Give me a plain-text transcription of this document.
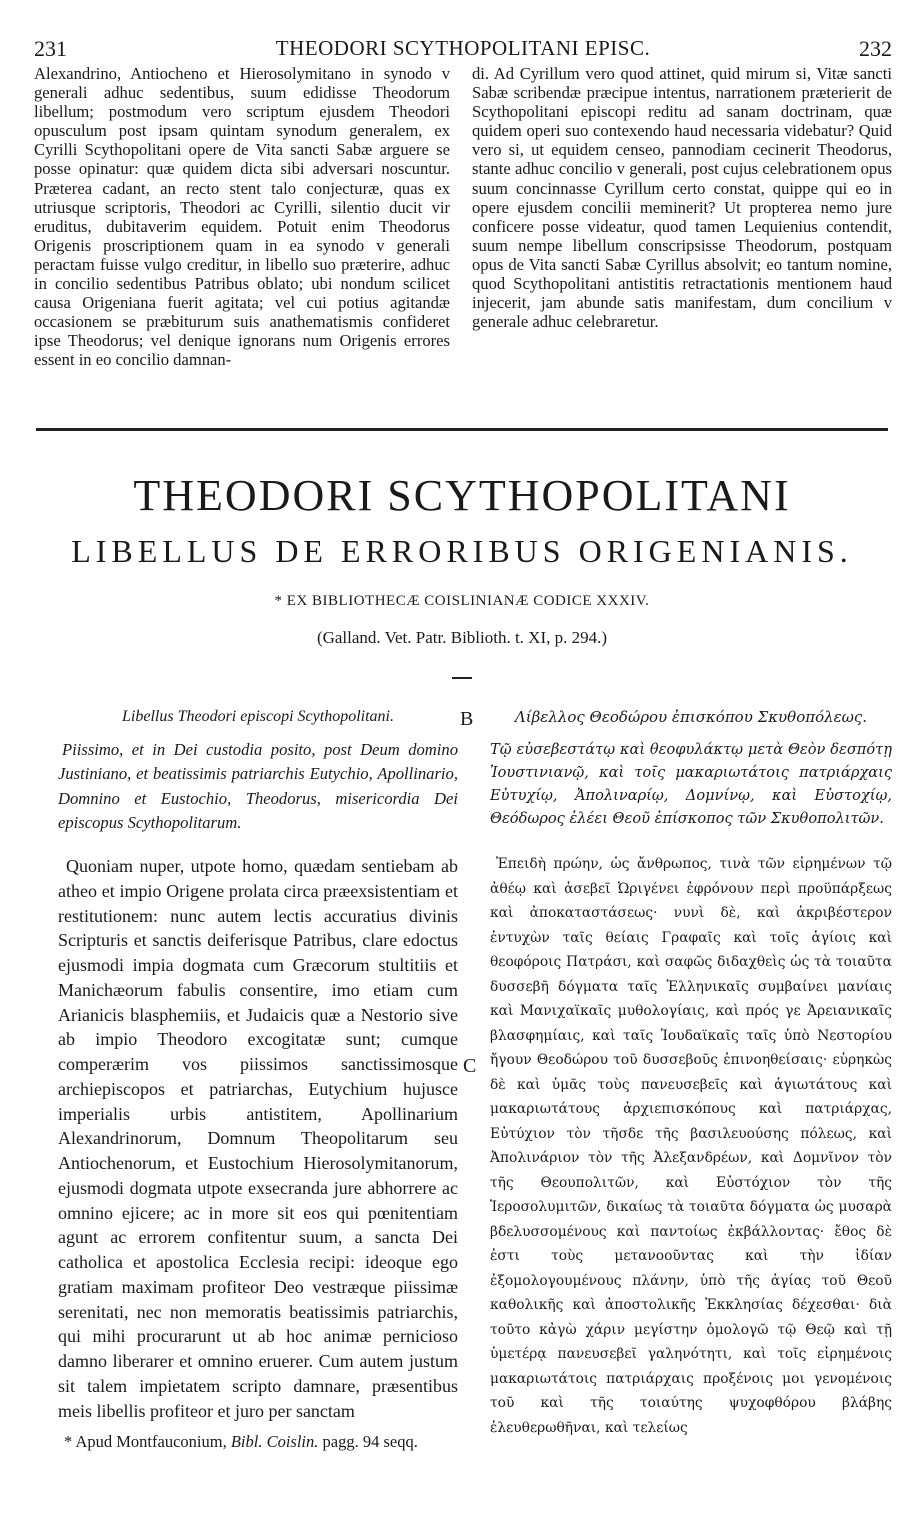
231	THEODORI SCYTHOPOLITANI EPISC.	232
Alexandrino, Antiocheno et Hierosolymitano in synodo v generali adhuc sedentibus, suum edidisse Theodorum libellum; postmodum vero scriptum ejusdem Theodori opusculum post ipsam quintam synodum generalem, ex Cyrilli Scythopolitani opere de Vita sancti Sabæ arguere se posse opinatur: quæ quidem dicta sibi adversari noscuntur. Præterea cadant, an recto stent talo conjecturæ, quas ex utriusque scriptoris, Theodori ac Cyrilli, silentio ducit vir eruditus, dubitaverim equidem. Potuit enim Theodorus Origenis proscriptionem quam in ea synodo v generali peractam fuisse vulgo creditur, in libello suo præterire, adhuc in concilio sedentibus Patribus oblato; ubi nondum scilicet causa Origeniana fuerit agitata; vel cui potius agitandæ occasionem se præbiturum suis anathematismis confideret ipse Theodorus; vel denique ignorans num Origenis errores essent in eo concilio damnan-
di. Ad Cyrillum vero quod attinet, quid mirum si, Vitæ sancti Sabæ scribendæ præcipue intentus, narrationem præterierit de Scythopolitani episcopi reditu ad sanam doctrinam, quæ quidem operi suo contexendo haud necessaria videbatur? Quid vero si, ut equidem censeo, pannodiam cecinerit Theodorus, stante adhuc concilio v generali, post cujus celebrationem opus suum concinnasse Cyrillum certo constat, quippe qui eo in opere ejusdem concilii meminerit? Ut propterea nemo jure conficere posse videatur, quod tamen Lequienius contendit, suum nempe libellum conscripsisse Theodorum, postquam opus de Vita sancti Sabæ Cyrillus absolvit; eo tantum nomine, quod Scythopolitani antistitis retractationis mentionem haud injecerit, jam abunde satis manifestam, dum concilium v generale adhuc celebraretur.
THEODORI SCYTHOPOLITANI
LIBELLUS DE ERRORIBUS ORIGENIANIS.
* EX BIBLIOTHECÆ COISLINIANÆ CODICE XXXIV.
(Galland. Vet. Patr. Biblioth. t. XI, p. 294.)
Libellus Theodori episcopi Scythopolitani.
Piissimo, et in Dei custodia posito, post Deum domino Justiniano, et beatissimis patriarchis Eutychio, Apollinario, Domnino et Eustochio, Theodorus, misericordia Dei episcopus Scythopolitarum.
Quoniam nuper, utpote homo, quædam sentiebam ab atheo et impio Origene prolata circa præexsistentiam et restitutionem: nunc autem lectis accuratius divinis Scripturis et sanctis deiferisque Patribus, clare edoctus ejusmodi impia dogmata cum Græcorum stultitiis et Manichæorum fabulis consentire, imo etiam cum Arianicis blasphemiis, et Judaicis quæ a Nestorio sive ab impio Theodoro excogitatæ sunt; cumque comperærim vos piissimos sanctissimosque archiepiscopos et patriarchas, Eutychium hujusce imperialis urbis antistitem, Apollinarium Alexandrinorum, Domnum Theopolitarum seu Antiochenorum, et Eustochium Hierosolymitanorum, ejusmodi dogmata utpote exsecranda jure abhorrere ac omnino ejicere; ac in more sit eos qui pœnitentiam agunt ac errorem confitentur suum, a sancta Dei catholica et apostolica Ecclesia recipi: ideoque ego gratiam maximam profiteor Deo vestræque piissimæ serenitati, nec non memoratis beatissimis patriarchis, qui mihi procurarunt ut ab hoc animæ pernicioso damno liberarer et omnino eruerer. Cum autem justum sit talem impietatem scripto damnare, præsentibus meis libellis profiteor et juro per sanctam
B
C
Λίβελλος Θεοδώρου ἐπισκόπου Σκυθοπόλεως.
Τῷ εὐσεβεστάτῳ καὶ θεοφυλάκτῳ μετὰ Θεὸν δεσπότῃ Ἰουστινιανῷ, καὶ τοῖς μακαριωτάτοις πατριάρχαις Εὐτυχίῳ, Ἀπολιναρίῳ, Δομνίνῳ, καὶ Εὐστοχίῳ, Θεόδωρος ἐλέει Θεοῦ ἐπίσκοπος τῶν Σκυθοπολιτῶν.
Ἐπειδὴ πρώην, ὡς ἄνθρωπος, τινὰ τῶν εἰρημένων τῷ ἀθέῳ καὶ ἀσεβεῖ Ὠριγένει ἐφρόνουν περὶ προϋπάρξεως καὶ ἀποκαταστάσεως· νυνὶ δὲ, καὶ ἀκριβέστερον ἐντυχὼν ταῖς θείαις Γραφαῖς καὶ τοῖς ἁγίοις καὶ θεοφόροις Πατράσι, καὶ σαφῶς διδαχθεὶς ὡς τὰ τοιαῦτα δυσσεβῆ δόγματα ταῖς Ἑλληνικαῖς συμβαίνει μανίαις καὶ Μανιχαϊκαῖς μυθολογίαις, καὶ πρός γε Ἀρειανικαῖς βλασφημίαις, καὶ ταῖς Ἰουδαϊκαῖς ταῖς ὑπὸ Νεστορίου ἤγουν Θεοδώρου τοῦ δυσσεβοῦς ἐπινοηθείσαις· εὑρηκὼς δὲ καὶ ὑμᾶς τοὺς πανευσεβεῖς καὶ ἁγιωτάτους καὶ μακαριωτάτους ἀρχιεπισκόπους καὶ πατριάρχας, Εὐτύχιον τὸν τῆσδε τῆς βασιλευούσης πόλεως, καὶ Ἀπολινάριον τὸν τῆς Ἀλεξανδρέων, καὶ Δομνῖνον τὸν τῆς Θεουπολιτῶν, καὶ Εὐστόχιον τὸν τῆς Ἱεροσολυμιτῶν, δικαίως τὰ τοιαῦτα δόγματα ὡς μυσαρὰ βδελυσσομένους καὶ παντοίως ἐκβάλλοντας· ἔθος δὲ ἐστι τοὺς μετανοοῦντας καὶ τὴν ἰδίαν ἐξομολογουμένους πλάνην, ὑπὸ τῆς ἁγίας τοῦ Θεοῦ καθολικῆς καὶ ἀποστολικῆς Ἐκκλησίας δέχεσθαι· διὰ τοῦτο κἀγὼ χάριν μεγίστην ὁμολογῶ τῷ Θεῷ καὶ τῇ ὑμετέρᾳ πανευσεβεῖ γαληνότητι, καὶ τοῖς εἰρημένοις μακαριωτάτοις πατριάρχαις προξένοις μοι γενομένοις τοῦ καὶ τῆς τοιαύτης ψυχοφθόρου βλάβης ἐλευθερωθῆναι, καὶ τελείως
* Apud Montfauconium, Bibl. Coislin. pagg. 94 seqq.
